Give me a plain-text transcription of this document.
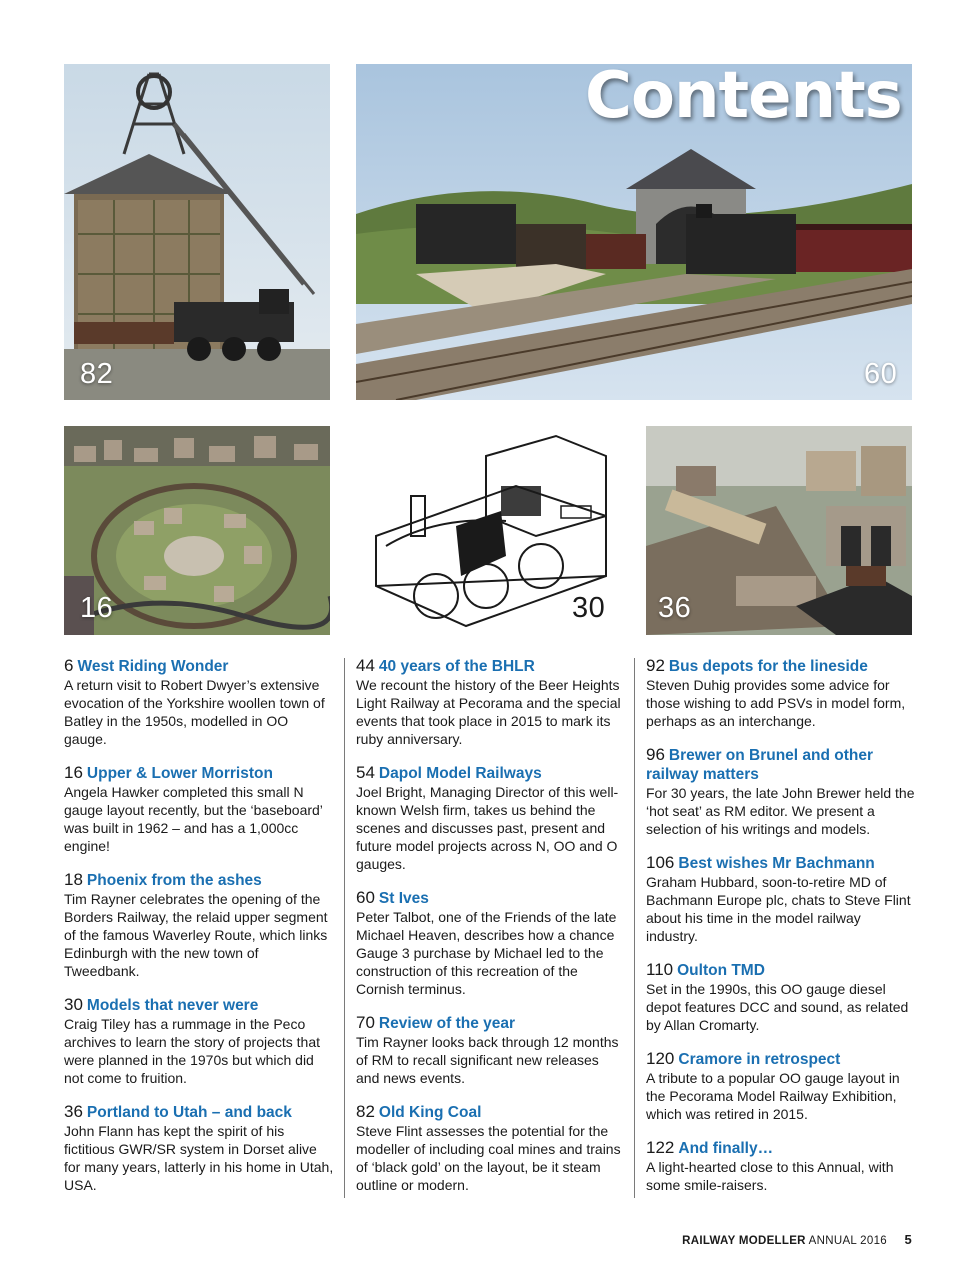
82
Contents
60
16	30 36
6 West Riding Wonder
A return visit to Robert Dwyer’s extensive evocation of the Yorkshire woollen town of Batley in the 1950s, modelled in OO gauge.
16 Upper & Lower Morriston
Angela Hawker completed this small N gauge layout recently, but the ‘baseboard’ was built in 1962 – and has a 1,000cc engine!
18 Phoenix from the ashes
Tim Rayner celebrates the opening of the Borders Railway, the relaid upper segment of the famous Waverley Route, which links Edinburgh with the new town of Tweedbank.
30 Models that never were
Craig Tiley has a rummage in the Peco archives to learn the story of projects that were planned in the 1970s but which did not come to fruition.
36 Portland to Utah – and back
John Flann has kept the spirit of his fictitious GWR/SR system in Dorset alive for many years, latterly in his home in Utah, USA.
44 40 years of the BHLR
We recount the history of the Beer Heights Light Railway at Pecorama and the special events that took place in 2015 to mark its ruby anniversary.
54 Dapol Model Railways
Joel Bright, Managing Director of this well-known Welsh firm, takes us behind the scenes and discusses past, present and future model projects across N, OO and O gauges.
60 St Ives
Peter Talbot, one of the Friends of the late Michael Heaven, describes how a chance Gauge 3 purchase by Michael led to the construction of this recreation of the Cornish terminus.
70 Review of the year
Tim Rayner looks back through 12 months of RM to recall significant new releases and news events.
82 Old King Coal
Steve Flint assesses the potential for the modeller of including coal mines and trains of ‘black gold’ on the layout, be it steam outline or modern.
92 Bus depots for the lineside
Steven Duhig provides some advice for those wishing to add PSVs in model form, perhaps as an interchange.
96 Brewer on Brunel and other railway matters
For 30 years, the late John Brewer held the ‘hot seat’ as RM editor. We present a selection of his writings and models.
106 Best wishes Mr Bachmann
Graham Hubbard, soon-to-retire MD of Bachmann Europe plc, chats to Steve Flint about his time in the model railway industry.
110 Oulton TMD
Set in the 1990s, this OO gauge diesel depot features DCC and sound, as related by Allan Cromarty.
120 Cramore in retrospect
A tribute to a popular OO gauge layout in the Pecorama Model Railway Exhibition, which was retired in 2015.
122 And finally…
A light-hearted close to this Annual, with some smile-raisers.
RAILWAY MODELLER ANNUAL 2016 5
